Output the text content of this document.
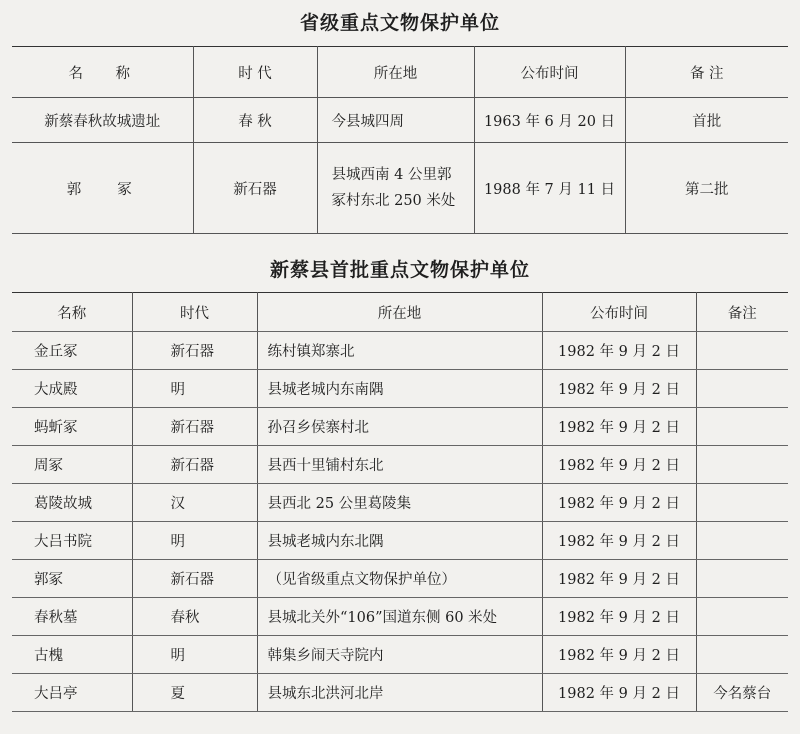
省级重点文物保护单位
名 称	时 代	所在地	公布时间	备 注
新蔡春秋故城遗址	春 秋	今县城四周	1963 年 6 月 20 日	首批
郭冢	新石器	县城西南 4 公里郭冢村东北 250 米处	1988 年 7 月 11 日	第二批
新蔡县首批重点文物保护单位
名称	时代	所在地	公布时间	备注
金丘冢	新石器	练村镇郑寨北	1982 年 9 月 2 日	
大成殿	明	县城老城内东南隅	1982 年 9 月 2 日	
蚂蚚冢	新石器	孙召乡侯寨村北	1982 年 9 月 2 日	
周冢	新石器	县西十里铺村东北	1982 年 9 月 2 日	
葛陵故城	汉	县西北 25 公里葛陵集	1982 年 9 月 2 日	
大吕书院	明	县城老城内东北隅	1982 年 9 月 2 日	
郭冢	新石器	（见省级重点文物保护单位）	1982 年 9 月 2 日	
春秋墓	春秋	县城北关外“106”国道东侧 60 米处	1982 年 9 月 2 日	
古槐	明	韩集乡闹天寺院内	1982 年 9 月 2 日	
大吕亭	夏	县城东北洪河北岸	1982 年 9 月 2 日	今名蔡台
